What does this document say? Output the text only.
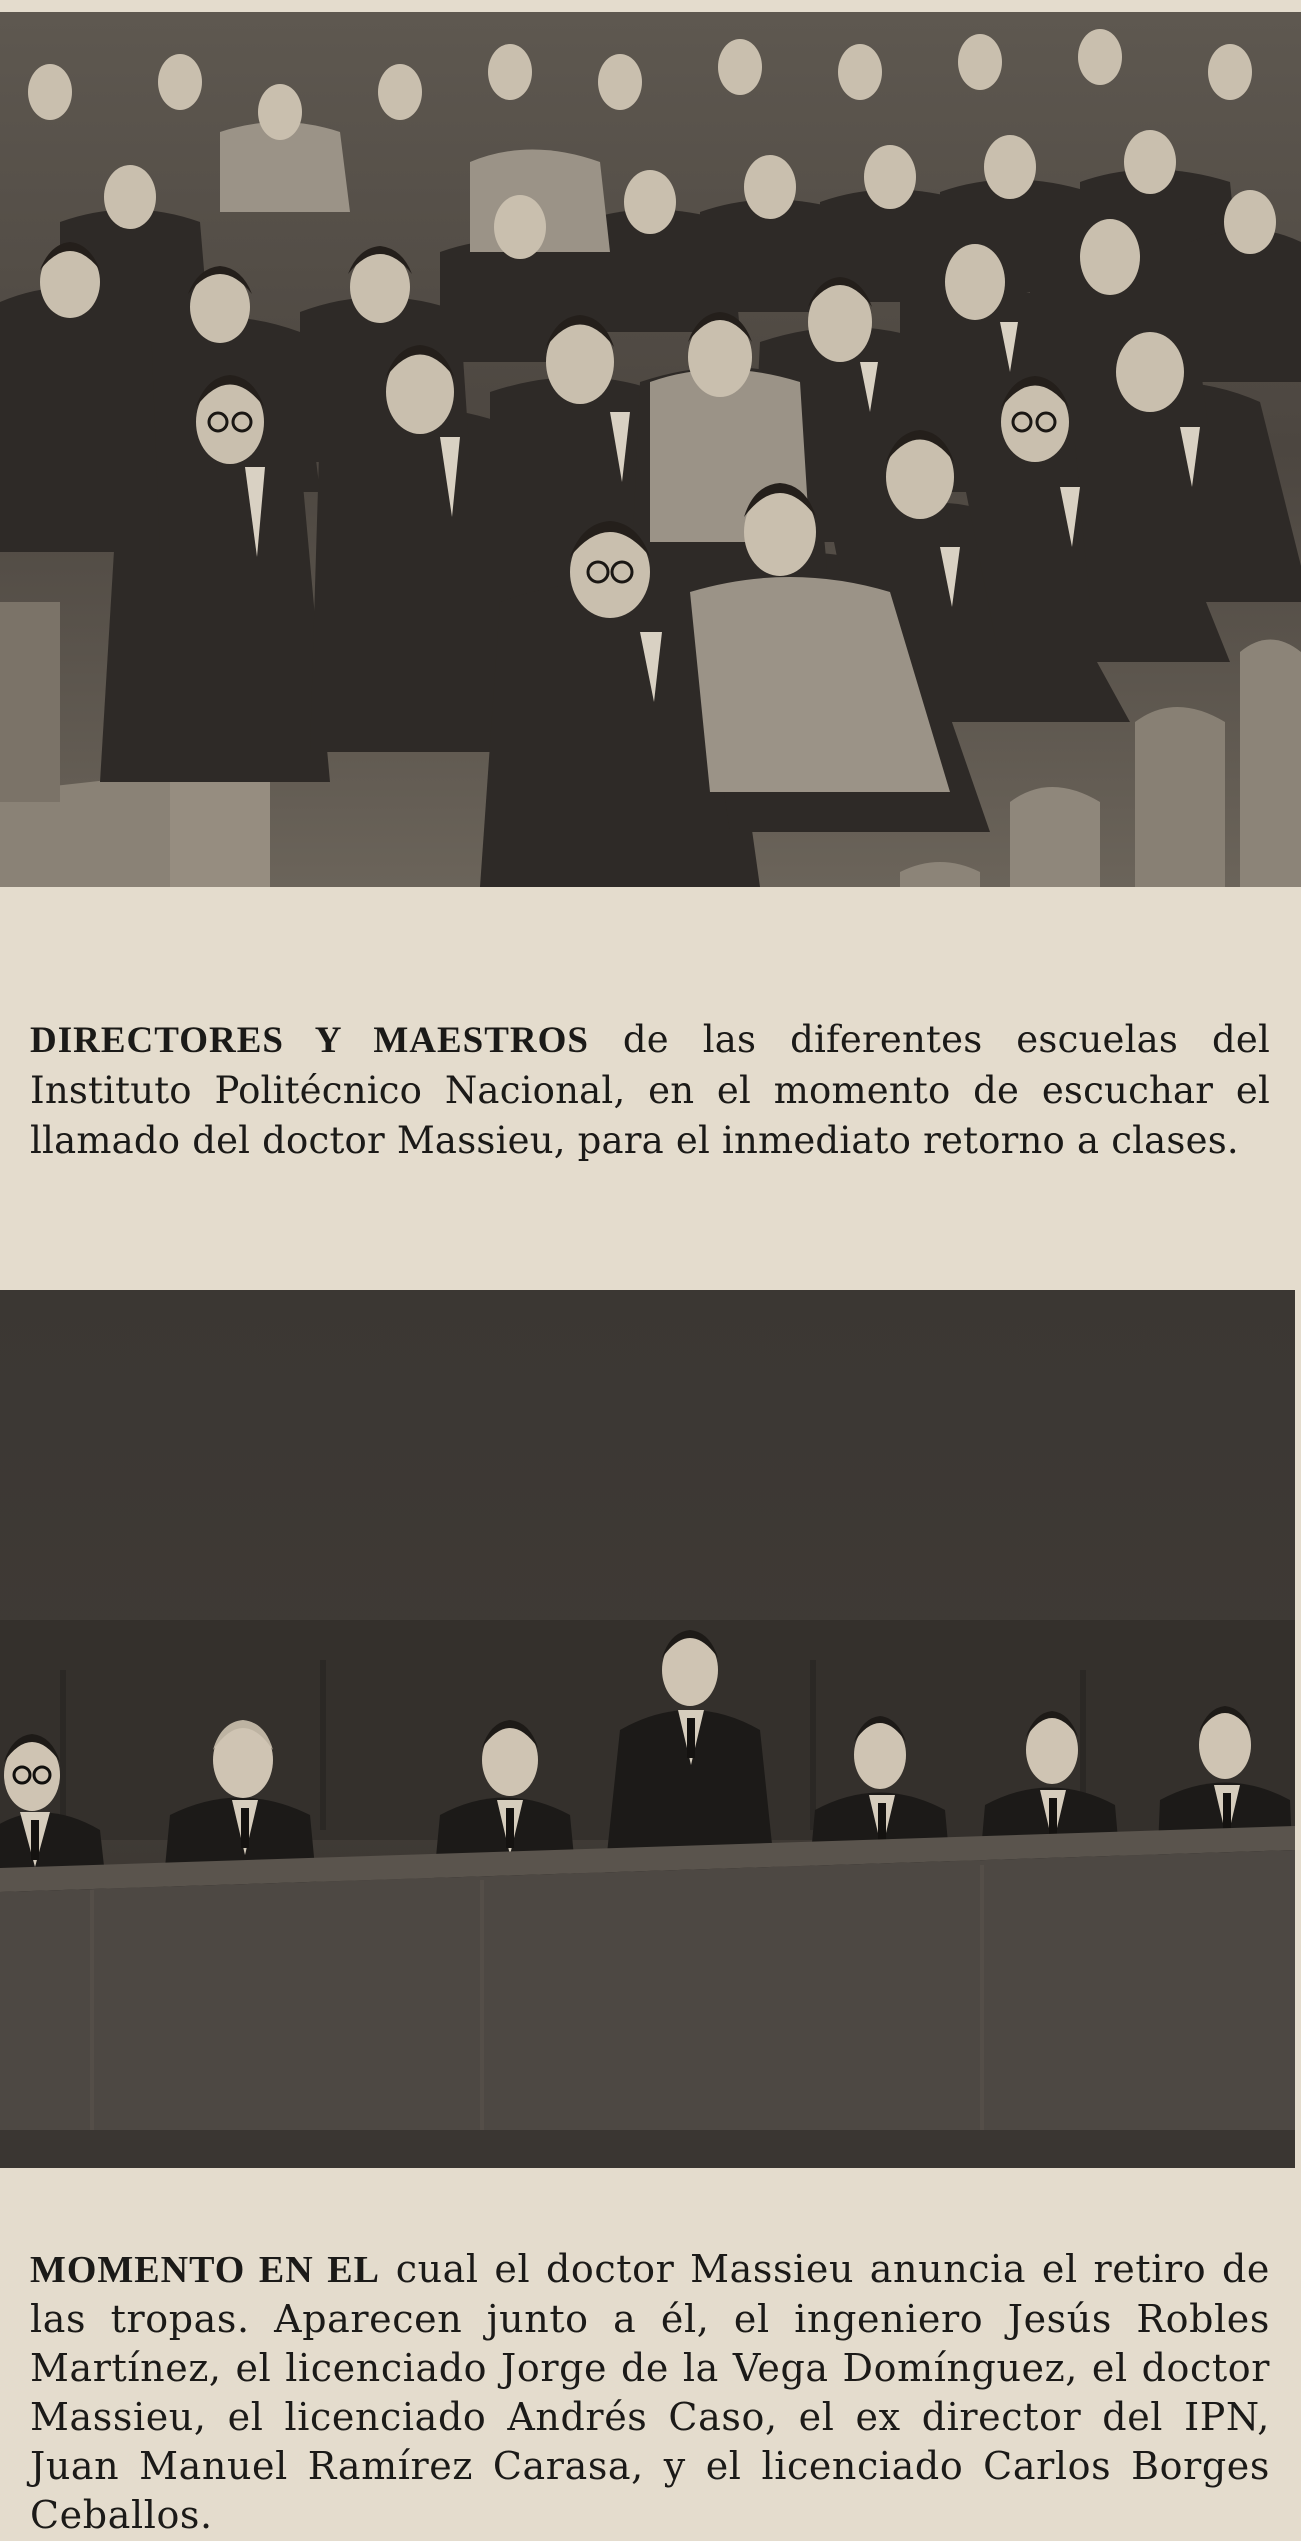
DIRECTORES Y MAESTROS de las diferentes escuelas del Instituto Politécnico Nacional, en el momento de escuchar el llamado del doctor Massieu, para el inmediato retorno a clases.

MOMENTO EN EL cual el doctor Massieu anuncia el retiro de las tropas. Aparecen junto a él, el ingeniero Jesús Robles Martínez, el licenciado Jorge de la Vega Domínguez, el doctor Massieu, el licenciado Andrés Caso, el ex director del IPN, Juan Manuel Ramírez Carasa, y el licenciado Carlos Borges Ceballos.
